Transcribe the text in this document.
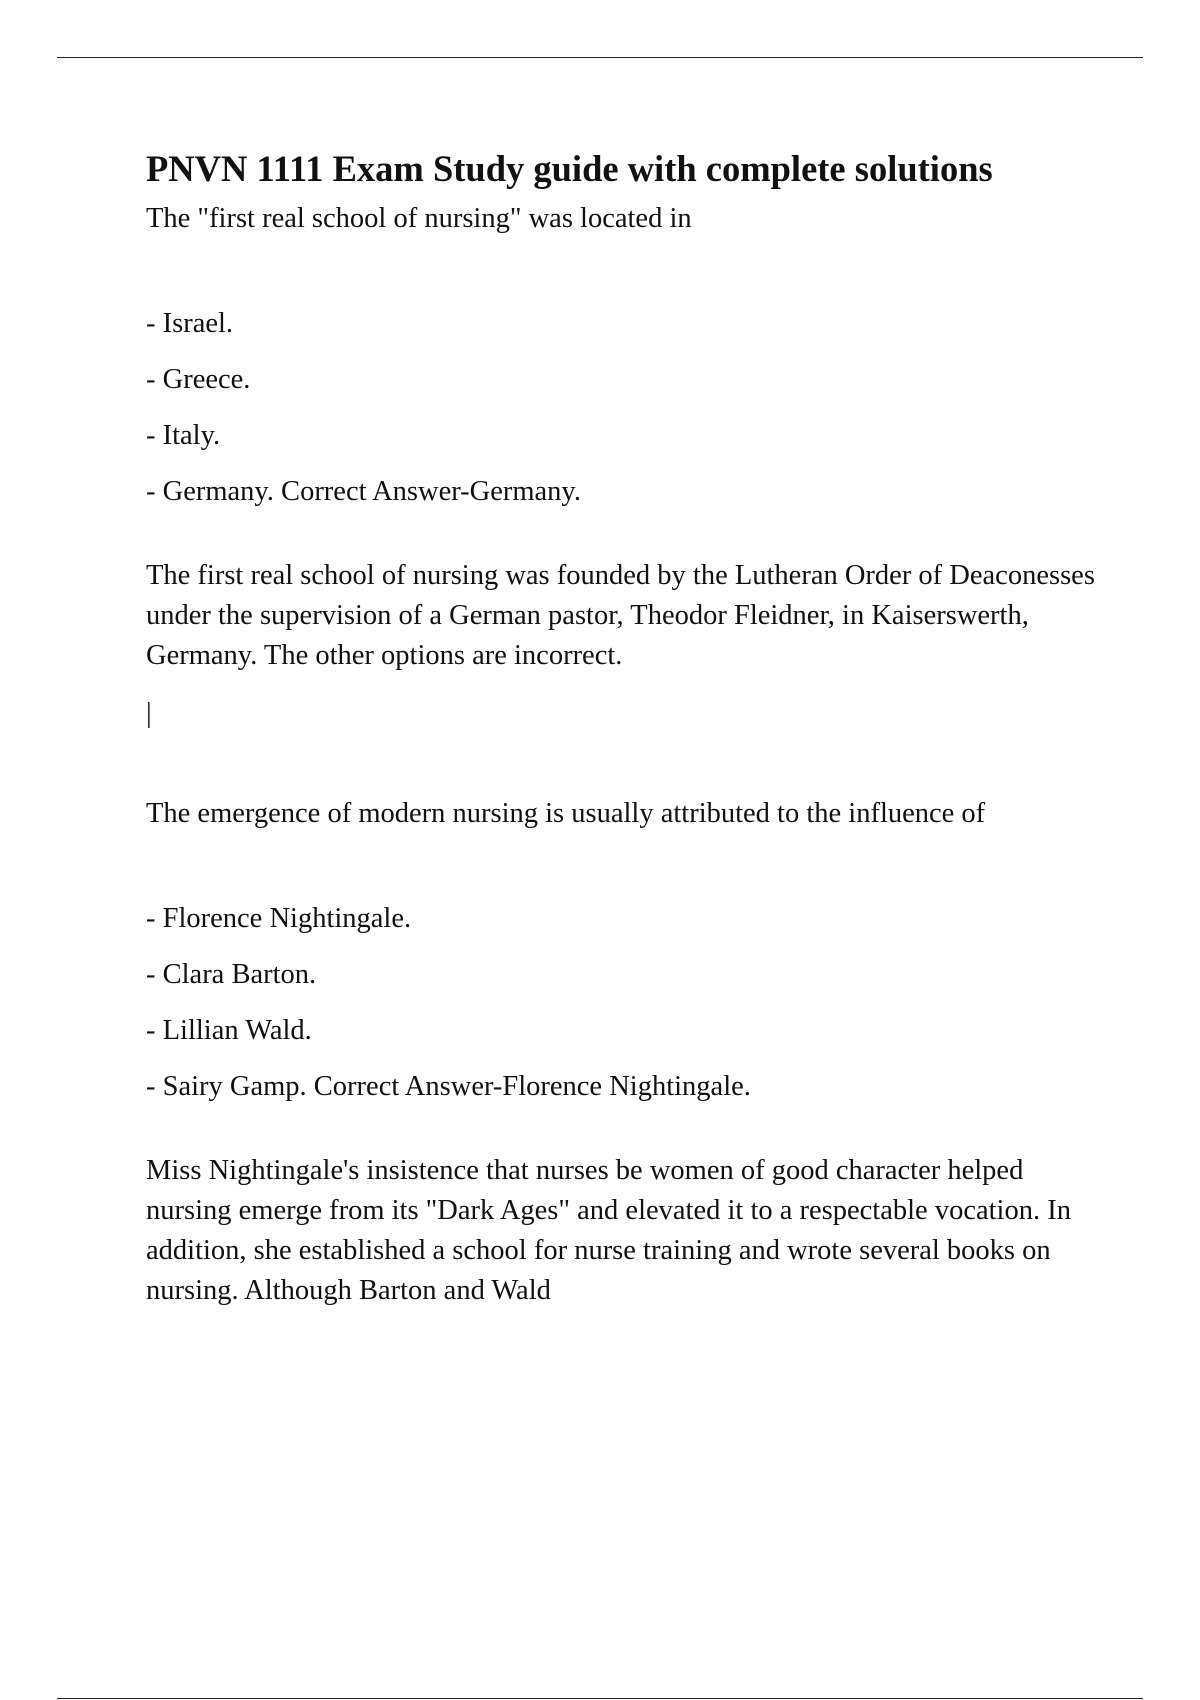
PNVN 1111 Exam Study guide with complete solutions

The "first real school of nursing" was located in

- Israel.

- Greece.

- Italy.

- Germany. Correct Answer-Germany.

The first real school of nursing was founded by the Lutheran Order of Deaconesses under the supervision of a German pastor, Theodor Fleidner, in Kaiserswerth, Germany. The other options are incorrect.

|

The emergence of modern nursing is usually attributed to the influence of

- Florence Nightingale.

- Clara Barton.

- Lillian Wald.

- Sairy Gamp. Correct Answer-Florence Nightingale.

Miss Nightingale's insistence that nurses be women of good character helped nursing emerge from its "Dark Ages" and elevated it to a respectable vocation. In addition, she established a school for nurse training and wrote several books on nursing. Although Barton and Wald
